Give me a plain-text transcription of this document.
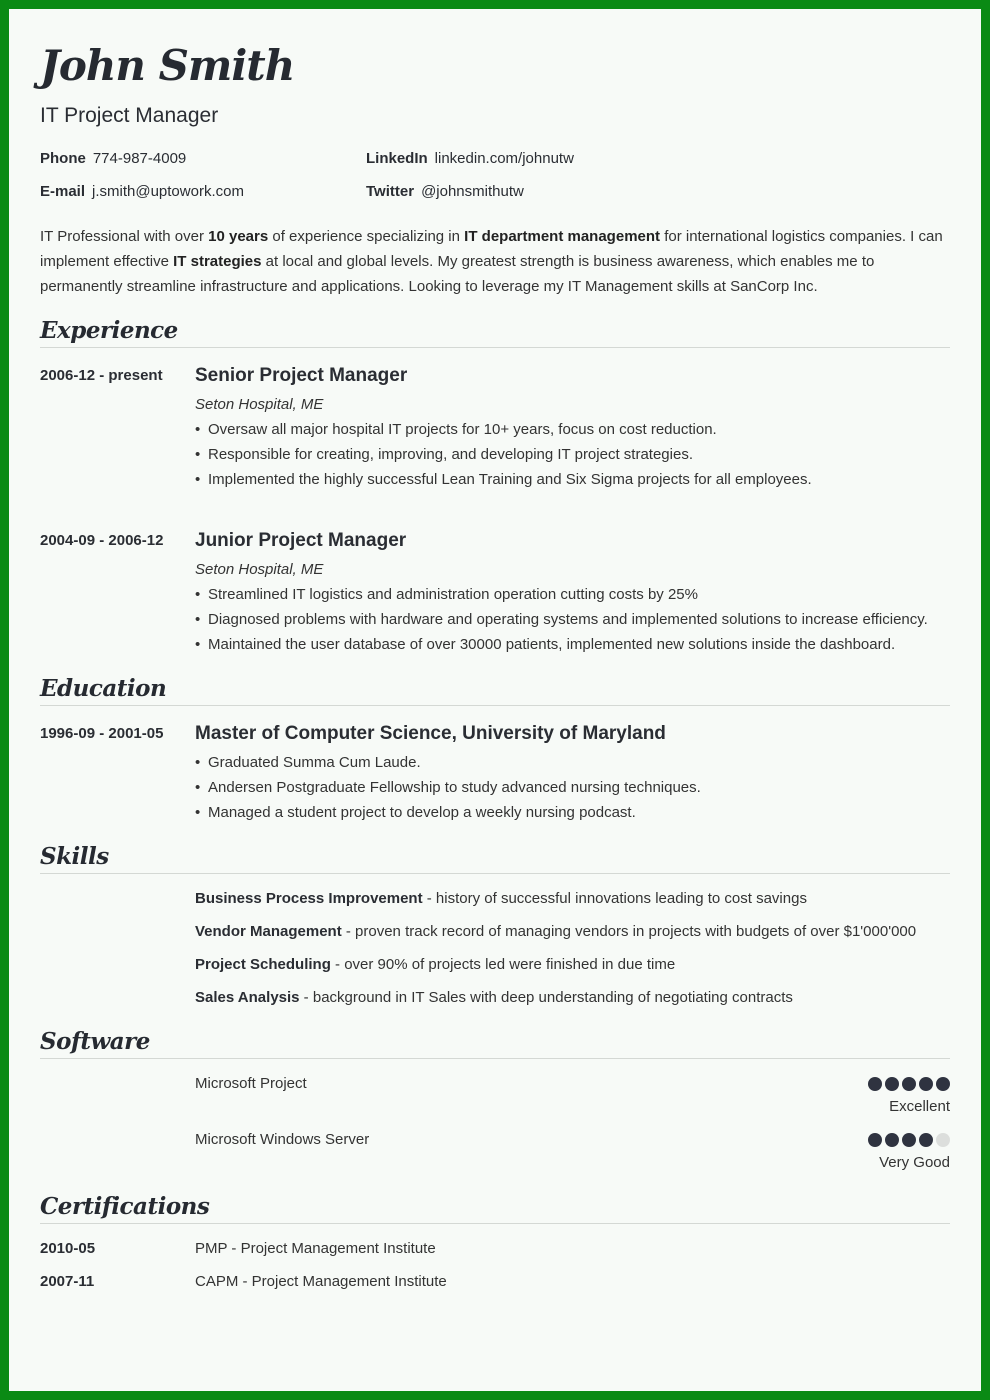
John Smith
IT Project Manager
Phone 774-987-4009	LinkedIn linkedin.com/johnutw
E-mail j.smith@uptowork.com	Twitter @johnsmithutw
IT Professional with over 10 years of experience specializing in IT department management for international logistics companies. I can implement effective IT strategies at local and global levels. My greatest strength is business awareness, which enables me to permanently streamline infrastructure and applications. Looking to leverage my IT Management skills at SanCorp Inc.
Experience
2006-12 - present Senior Project Manager
Seton Hospital, ME
• Oversaw all major hospital IT projects for 10+ years, focus on cost reduction.
• Responsible for creating, improving, and developing IT project strategies.
• Implemented the highly successful Lean Training and Six Sigma projects for all employees.
2004-09 - 2006-12 Junior Project Manager
Seton Hospital, ME
• Streamlined IT logistics and administration operation cutting costs by 25%
• Diagnosed problems with hardware and operating systems and implemented solutions to increase efficiency.
• Maintained the user database of over 30000 patients, implemented new solutions inside the dashboard.
Education
1996-09 - 2001-05 Master of Computer Science, University of Maryland
• Graduated Summa Cum Laude.
• Andersen Postgraduate Fellowship to study advanced nursing techniques.
• Managed a student project to develop a weekly nursing podcast.
Skills
Business Process Improvement - history of successful innovations leading to cost savings
Vendor Management - proven track record of managing vendors in projects with budgets of over $1'000'000
Project Scheduling - over 90% of projects led were finished in due time
Sales Analysis - background in IT Sales with deep understanding of negotiating contracts
Software
Microsoft Project
Excellent
Microsoft Windows Server
Very Good
Certifications
2010-05	PMP - Project Management Institute
2007-11	CAPM - Project Management Institute
